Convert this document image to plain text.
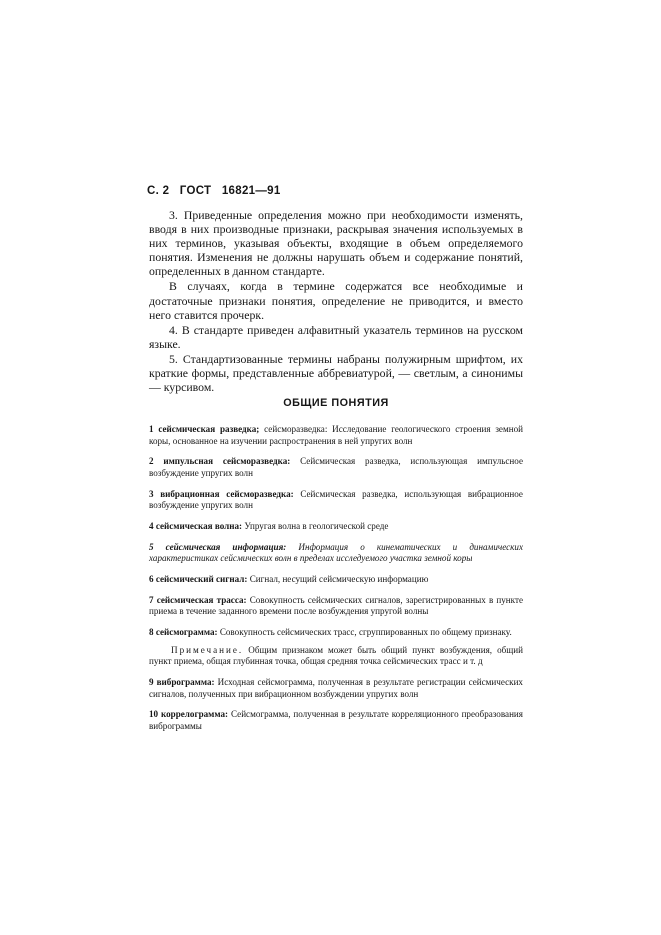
С. 2 ГОСТ 16821—91

3. Приведенные определения можно при необходимости изменять, вводя в них производные признаки, раскрывая значения используемых в них терминов, указывая объекты, входящие в объем определяемого понятия. Изменения не должны нарушать объем и содержание понятий, определенных в данном стандарте.

В случаях, когда в термине содержатся все необходимые и достаточные признаки понятия, определение не приводится, и вместо него ставится прочерк.

4. В стандарте приведен алфавитный указатель терминов на русском языке.

5. Стандартизованные термины набраны полужирным шрифтом, их краткие формы, представленные аббревиатурой, — светлым, а синонимы — курсивом.

ОБЩИЕ ПОНЯТИЯ

1 сейсмическая разведка; сейсморазведка: Исследование геологического строения земной коры, основанное на изучении распространения в ней упругих волн

2 импульсная сейсморазведка: Сейсмическая разведка, использующая импульсное возбуждение упругих волн

3 вибрационная сейсморазведка: Сейсмическая разведка, использующая вибрационное возбуждение упругих волн

4 сейсмическая волна: Упругая волна в геологической среде

5 сейсмическая информация: Информация о кинематических и динамических характеристиках сейсмических волн в пределах исследуемого участка земной коры

6 сейсмический сигнал: Сигнал, несущий сейсмическую информацию

7 сейсмическая трасса: Совокупность сейсмических сигналов, зарегистрированных в пункте приема в течение заданного времени после возбуждения упругой волны

8 сейсмограмма: Совокупность сейсмических трасс, сгруппированных по общему признаку.

Примечание. Общим признаком может быть общий пункт возбуждения, общий пункт приема, общая глубинная точка, общая средняя точка сейсмических трасс и т. д

9 виброграмма: Исходная сейсмограмма, полученная в результате регистрации сейсмических сигналов, полученных при вибрационном возбуждении упругих волн

10 коррелограмма: Сейсмограмма, полученная в результате корреляционного преобразования виброграммы
